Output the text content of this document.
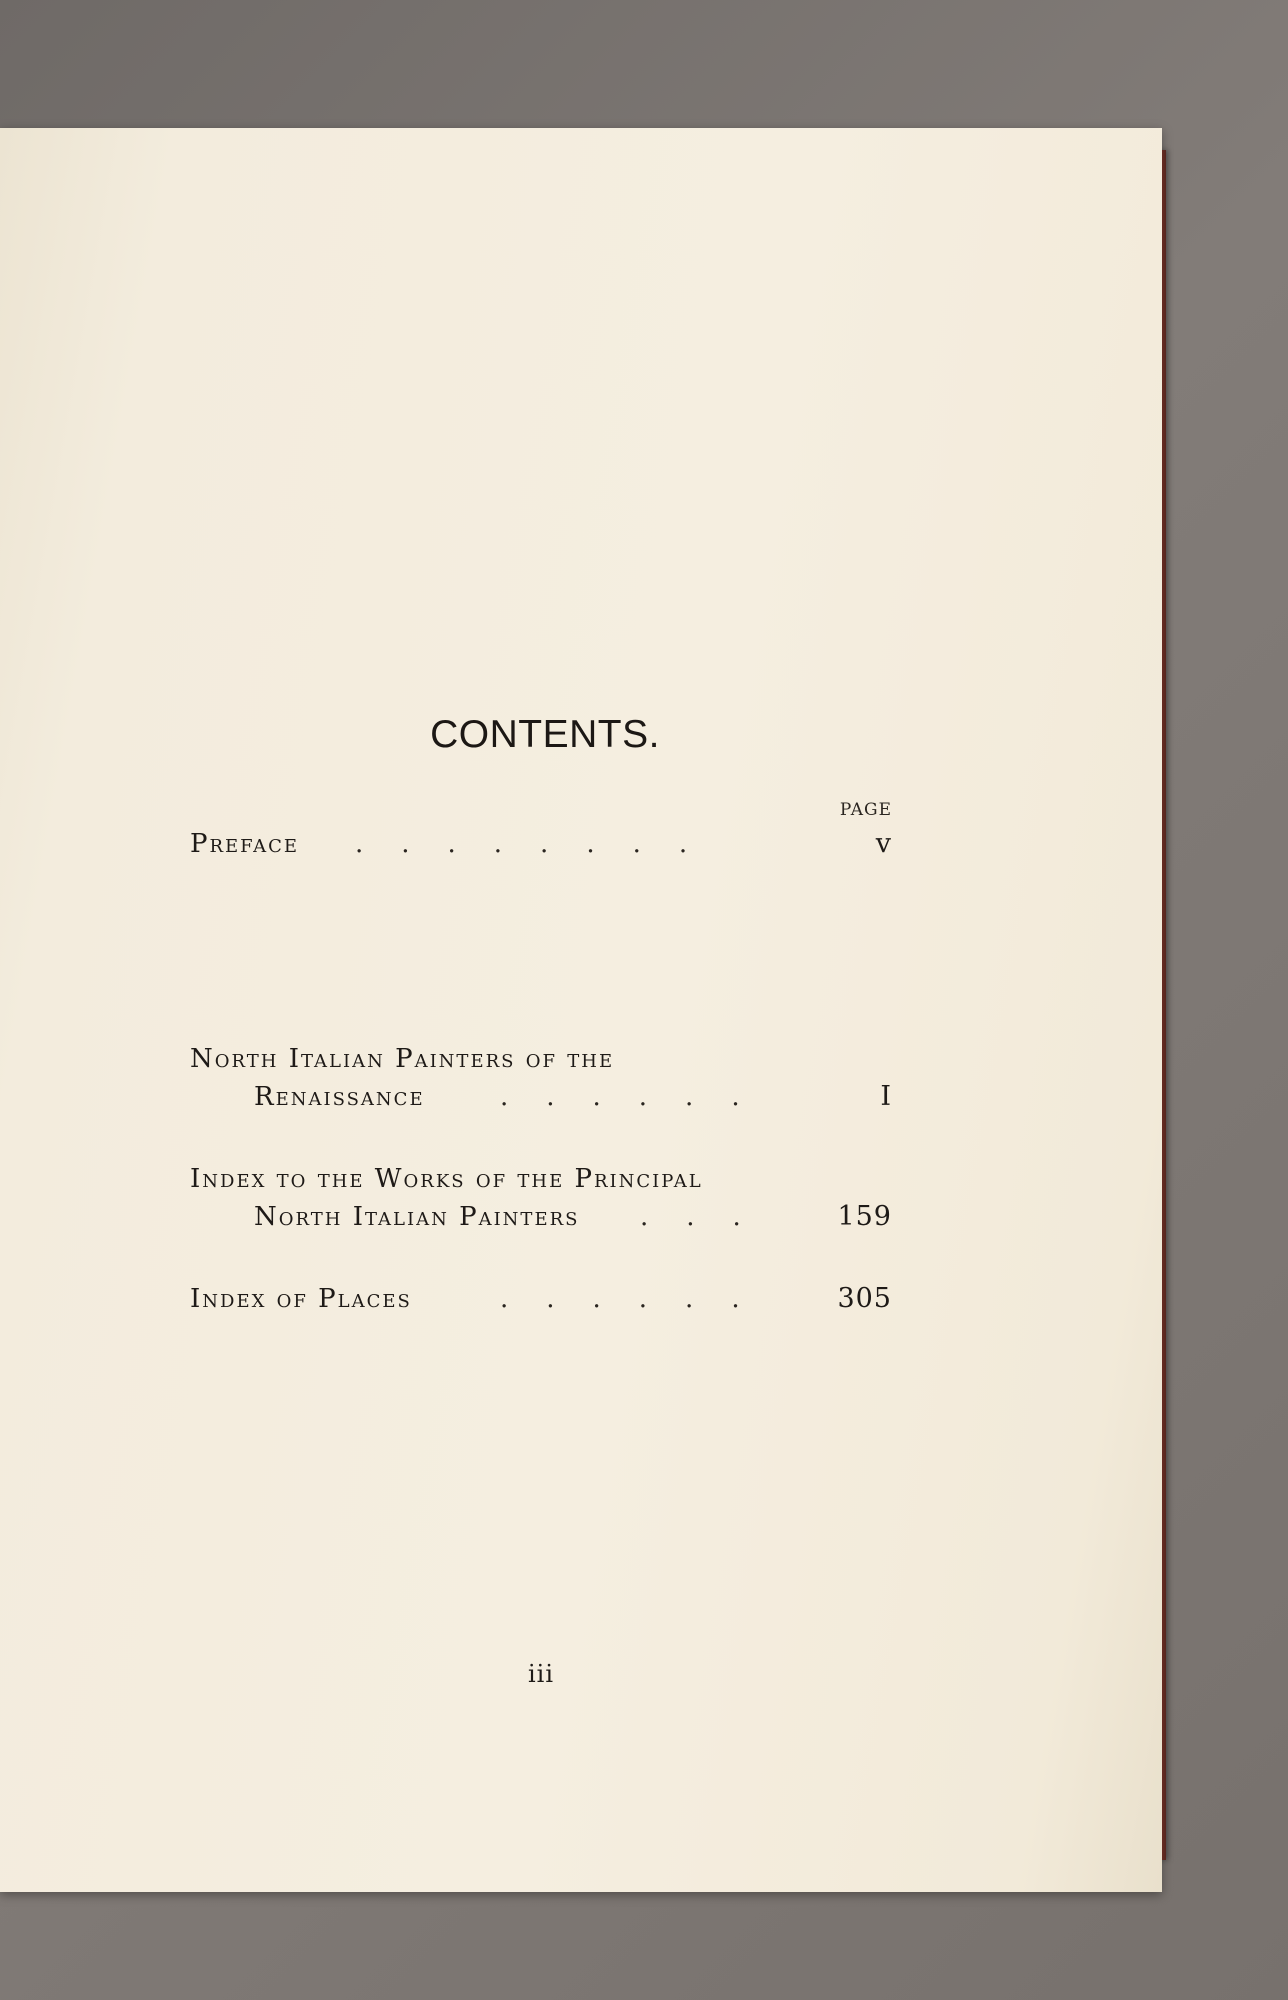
CONTENTS.
PAGE
Preface ........	v
North Italian Painters of the
Renaissance	......	I
Index to the Works of the Principal
North Italian Painters ...	159
Index of Places	......	305
iii
